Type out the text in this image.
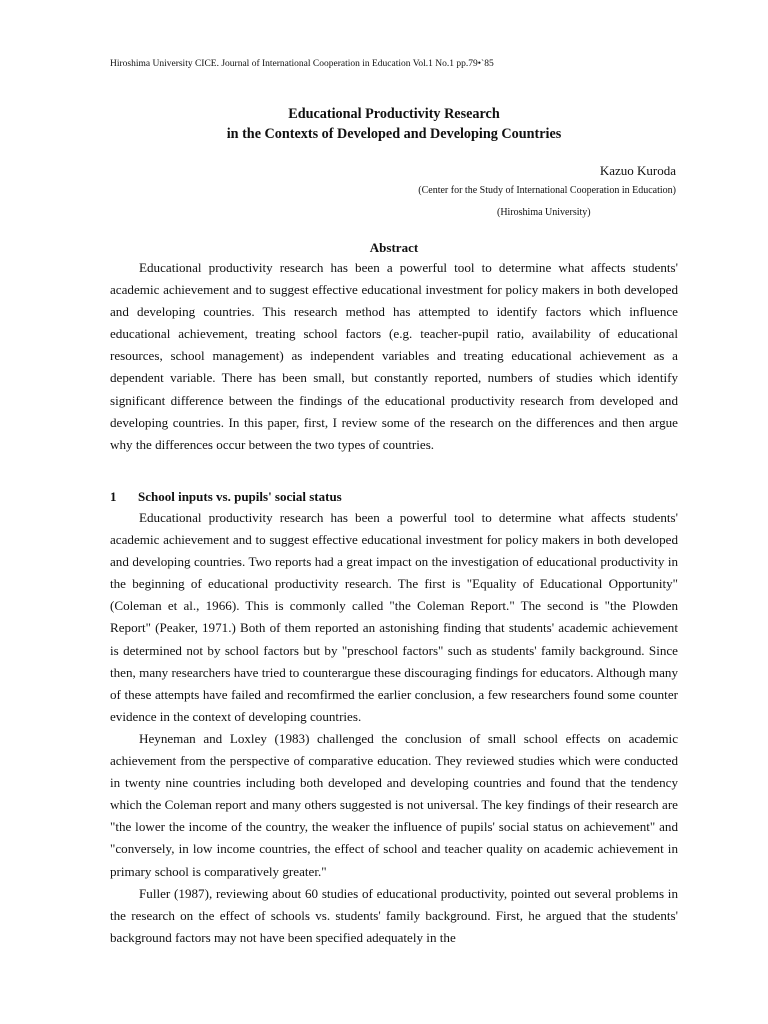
Hiroshima University CICE. Journal of International Cooperation in Education Vol.1 No.1 pp.79•`85
Educational Productivity Research
in the Contexts of Developed and Developing Countries
Kazuo Kuroda
(Center for the Study of International Cooperation in Education)
(Hiroshima University)
Abstract

Educational productivity research has been a powerful tool to determine what affects students' academic achievement and to suggest effective educational investment for policy makers in both developed and developing countries. This research method has attempted to identify factors which influence educational achievement, treating school factors (e.g. teacher-pupil ratio, availability of educational resources, school management) as independent variables and treating educational achievement as a dependent variable. There has been small, but constantly reported, numbers of studies which identify significant difference between the findings of the educational productivity research from developed and developing countries. In this paper, first, I review some of the research on the differences and then argue why the differences occur between the two types of countries.

1 School inputs vs. pupils' social status

Educational productivity research has been a powerful tool to determine what affects students' academic achievement and to suggest effective educational investment for policy makers in both developed and developing countries. Two reports had a great impact on the investigation of educational productivity in the beginning of educational productivity research. The first is "Equality of Educational Opportunity" (Coleman et al., 1966). This is commonly called "the Coleman Report." The second is "the Plowden Report" (Peaker, 1971.) Both of them reported an astonishing finding that students' academic achievement is determined not by school factors but by "preschool factors" such as students' family background. Since then, many researchers have tried to counterargue these discouraging findings for educators. Although many of these attempts have failed and recomfirmed the earlier conclusion, a few researchers found some counter evidence in the context of developing countries.

Heyneman and Loxley (1983) challenged the conclusion of small school effects on academic achievement from the perspective of comparative education. They reviewed studies which were conducted in twenty nine countries including both developed and developing countries and found that the tendency which the Coleman report and many others suggested is not universal. The key findings of their research are "the lower the income of the country, the weaker the influence of pupils' social status on achievement" and "conversely, in low income countries, the effect of school and teacher quality on academic achievement in primary school is comparatively greater."

Fuller (1987), reviewing about 60 studies of educational productivity, pointed out several problems in the research on the effect of schools vs. students' family background. First, he argued that the students' background factors may not have been specified adequately in the
